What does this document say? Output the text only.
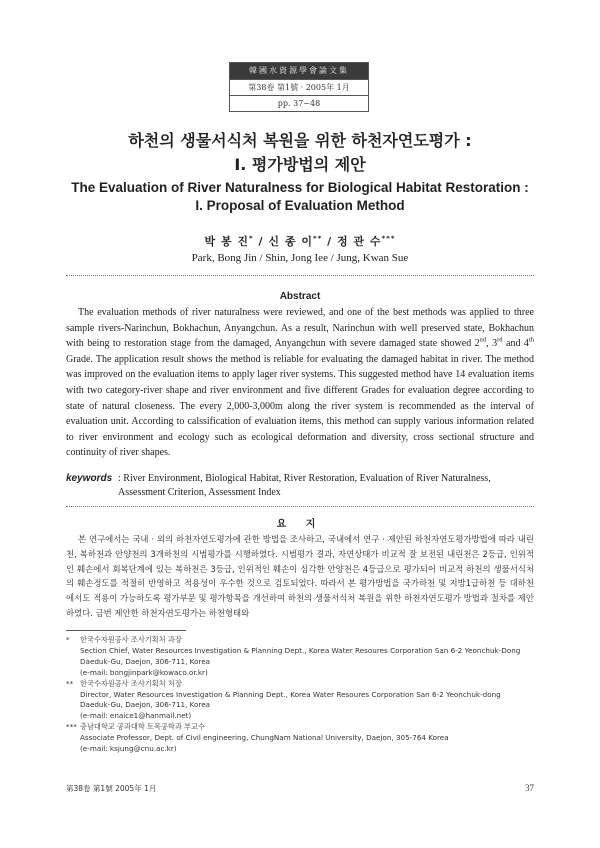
韓國水資源學會論文集
第38卷 第1號 · 2005年 1月
pp. 37∼48
하천의 생물서식처 복원을 위한 하천자연도평가 :
I. 평가방법의 제안
The Evaluation of River Naturalness for Biological Habitat Restoration :
I. Proposal of Evaluation Method
박 봉 진* / 신 종 이** / 정 관 수***
Park, Bong Jin / Shin, Jong Iee / Jung, Kwan Sue
Abstract

The evaluation methods of river naturalness were reviewed, and one of the best methods was applied to three sample rivers-Narinchun, Bokhachun, Anyangchun. As a result, Narinchun with well preserved state, Bokhachun with being to restoration stage from the damaged, Anyangchun with severe damaged state showed 2nd, 3rd and 4th Grade. The application result shows the method is reliable for evaluating the damaged habitat in river. The method was improved on the evaluation items to apply lager river systems. This suggested method have 14 evaluation items with two category-river shape and river environment and five different Grades for evaluation degree according to state of natural closeness. The every 2,000-3,000m along the river system is recommended as the interval of evaluation unit. According to calssification of evaluation items, this method can supply various information related to river environment and ecology such as ecological deformation and diversity, cross sectional structure and continuity of river shapes.

keywords : River Environment, Biological Habitat, River Restoration, Evaluation of River Naturalness, Assessment Criterion, Assessment Index
요 지

본 연구에서는 국내 · 외의 하천자연도평가에 관한 방법을 조사하고, 국내에서 연구 · 제안된 하천자연도평가방법에 따라 내린천, 복하천과 안양천의 3개하천의 시범평가를 시행하였다. 시범평가 결과, 자연상태가 비교적 잘 보전된 내린천은 2등급, 인위적인 훼손에서 회복단계에 있는 복하천은 3등급, 인위적인 훼손이 심각한 안양천은 4등급으로 평가되어 비교적 하천의 생물서식처의 훼손정도를 적절히 반영하고 적용성이 우수한 것으로 검토되었다. 따라서 본 평가방법을 국가하천 및 지방1급하천 등 대하천에서도 적용이 가능하도록 평가부문 및 평가항목을 개선하여 하천의 생물서식처 복원을 위한 하천자연도평가 방법과 절차를 제안하였다. 금번 제안한 하천자연도평가는 하천형태와

* 한국수자원공사 조사기획처 과장
Section Chief, Water Resources Investigation & Planning Dept., Korea Water Resoures Corporation San 6-2 Yeonchuk-Dong
Daeduk-Gu, Daejon, 306-711, Korea
(e-mail: bongjinpark@kowaco.or.kr)
** 한국수자원공사 조사기획처 처장
Director, Water Resources Investigation & Planning Dept., Korea Water Resoures Corporation San 6-2 Yeonchuk-dong
Daeduk-Gu, Daejon, 306-711, Korea
(e-mail: enaice1@hanmail.net)
*** 충남대학교 공과대학 토목공학과 부교수
Associate Professor, Dept. of Civil engineering, ChungNam National University, Daejon, 305-764 Korea
(e-mail: ksjung@cnu.ac.kr)
第38卷 第1號 2005年 1月	37
